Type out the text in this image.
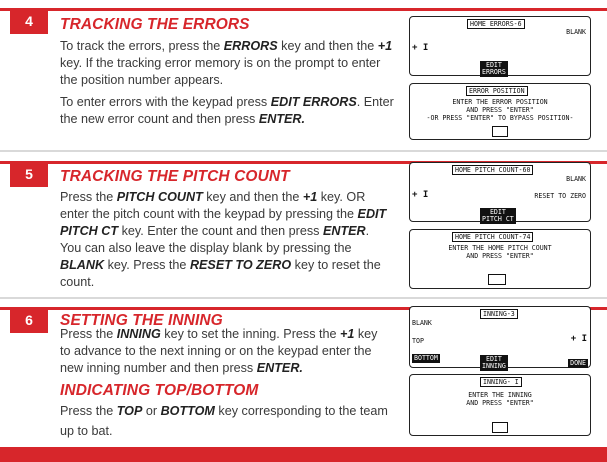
4	TRACKING THE ERRORS

To track the errors, press the ERRORS key and then the +1 key. If the tracking error memory is on the prompt to enter the position number appears.

To enter errors with the keypad press EDIT ERRORS. Enter the new error count and then press ENTER.

HOME ERRORS-6
BLANK
+ I
EDIT
ERRORS
ERROR POSITION
ENTER THE ERROR POSITION
AND PRESS "ENTER"
-OR PRESS "ENTER" TO BYPASS POSITION-
5	TRACKING THE PITCH COUNT

Press the PITCH COUNT key and then the +1 key. OR enter the pitch count with the keypad by pressing the EDIT PITCH CT key. Enter the count and then press ENTER. You can also leave the display blank by pressing the BLANK key. Press the RESET TO ZERO key to reset the count.

HOME PITCH COUNT-60
BLANK
+ I	RESET TO ZERO
EDIT
PITCH CT
HOME PITCH COUNT-74
ENTER THE HOME PITCH COUNT
AND PRESS "ENTER"
6	SETTING THE INNING

Press the INNING key to set the inning. Press the +1 key to advance to the next inning or on the keypad enter the new inning number and then press ENTER.

INDICATING TOP/BOTTOM

Press the TOP or BOTTOM key corresponding to the team up to bat.

INNING-3
BLANK
TOP	+ I
BOTTOM	EDIT
INNING	DONE
INNING- I
ENTER THE INNING
AND PRESS "ENTER"
